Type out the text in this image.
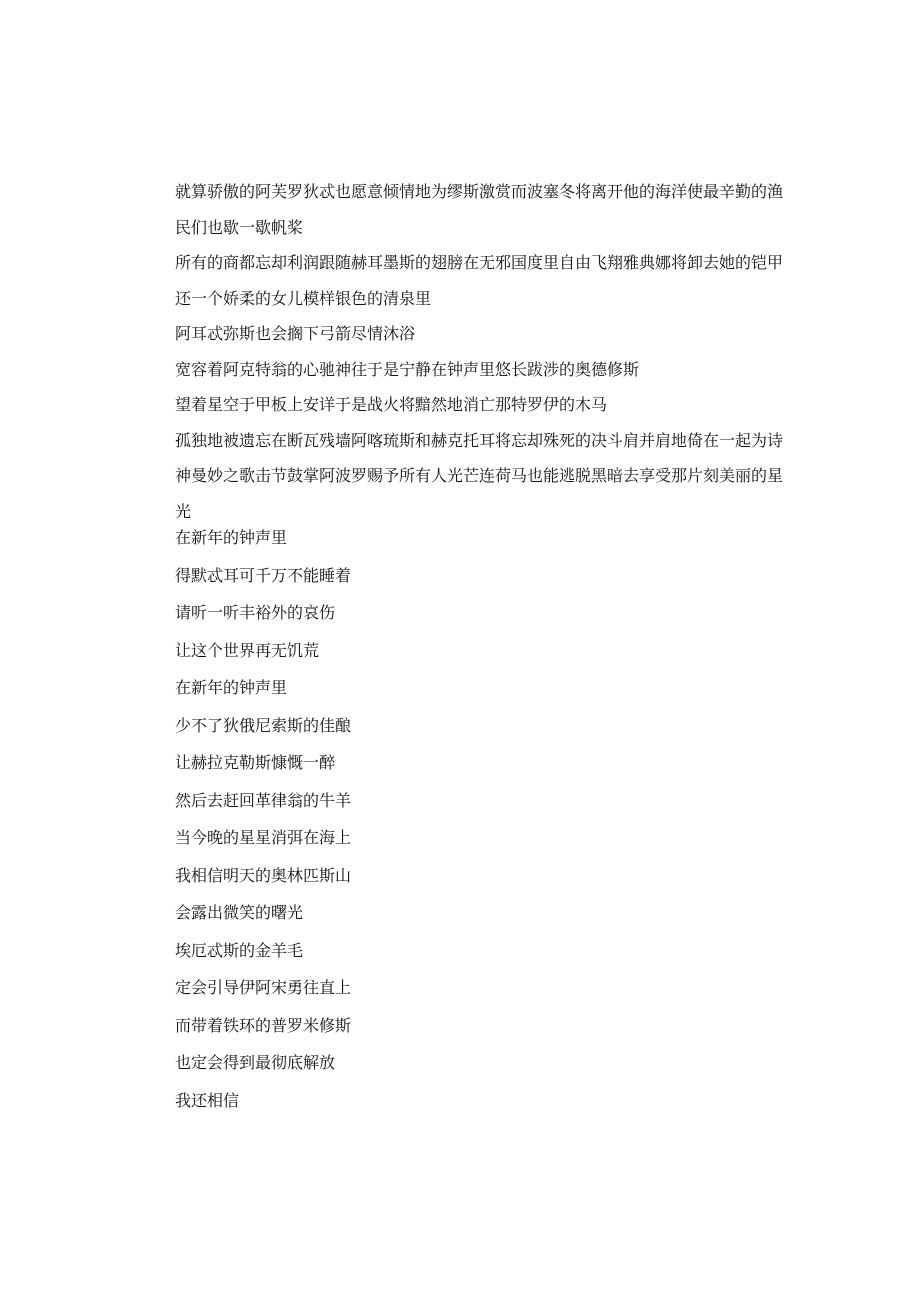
就算骄傲的阿芙罗狄忒也愿意倾情地为缪斯激赏而波塞冬将离开他的海洋使最辛勤的渔民们也歇一歇帆桨

所有的商都忘却利润跟随赫耳墨斯的翅膀在无邪国度里自由飞翔雅典娜将卸去她的铠甲还一个娇柔的女儿模样银色的清泉里

阿耳忒弥斯也会搁下弓箭尽情沐浴

宽容着阿克特翁的心驰神往于是宁静在钟声里悠长跋涉的奥德修斯

望着星空于甲板上安详于是战火将黯然地消亡那特罗伊的木马

孤独地被遗忘在断瓦残墙阿喀琉斯和赫克托耳将忘却殊死的决斗肩并肩地倚在一起为诗神曼妙之歌击节鼓掌阿波罗赐予所有人光芒连荷马也能逃脱黑暗去享受那片刻美丽的星光

在新年的钟声里

得默忒耳可千万不能睡着

请听一听丰裕外的哀伤

让这个世界再无饥荒

在新年的钟声里

少不了狄俄尼索斯的佳酿

让赫拉克勒斯慷慨一醉

然后去赶回革律翁的牛羊

当今晚的星星消弭在海上

我相信明天的奥林匹斯山

会露出微笑的曙光

埃厄忒斯的金羊毛

定会引导伊阿宋勇往直上

而带着铁环的普罗米修斯

也定会得到最彻底解放

我还相信
